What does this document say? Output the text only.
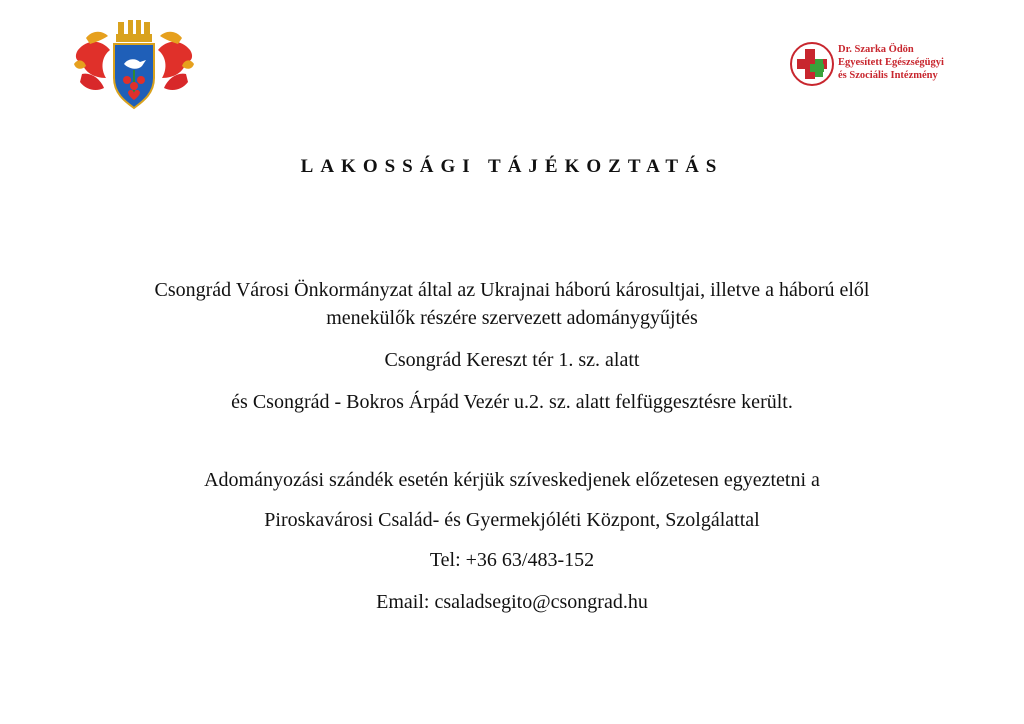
Dr. Szarka Ödön
Egyesített Egészségügyi
és Szociális Intézmény
LAKOSSÁGI TÁJÉKOZTATÁS
Csongrád Városi Önkormányzat által az Ukrajnai háború károsultjai, illetve a háború elől
menekülők részére szervezett adománygyűjtés

Csongrád Kereszt tér 1. sz. alatt

és Csongrád - Bokros Árpád Vezér u.2. sz. alatt felfüggesztésre került.

Adományozási szándék esetén kérjük szíveskedjenek előzetesen egyeztetni a

Piroskavárosi Család- és Gyermekjóléti Központ, Szolgálattal

Tel: +36 63/483-152

Email: csaladsegito@csongrad.hu
